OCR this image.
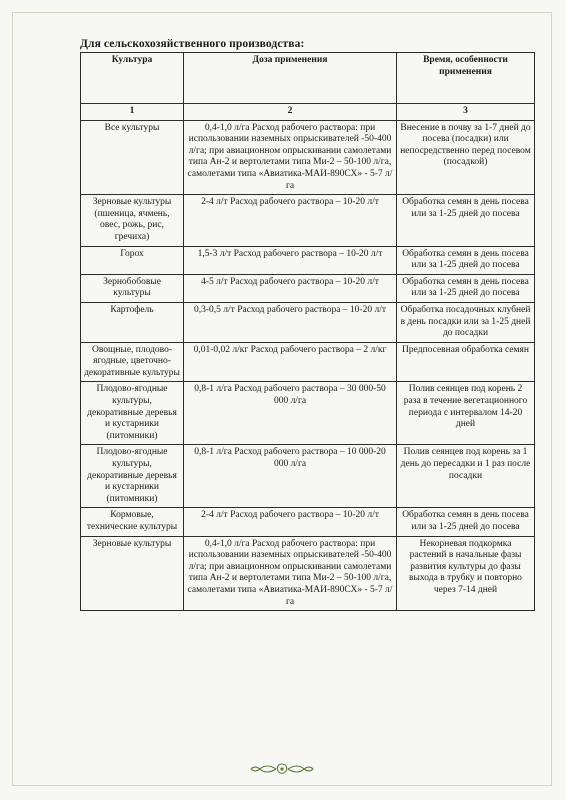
Для сельскохозяйственного производства:
Культура	Доза применения	Время, особенности применения
1	2	3
Все культуры	0,4-1,0 л/га Расход рабочего раствора: при использовании наземных опрыскивателей -50-400 л/га; при авиационном опрыскивании самолетами типа Ан-2 и вертолетами типа Ми-2 – 50-100 л/га, самолетами типа «Авиатика-МАИ-890СХ» - 5-7 л/га	Внесение в почву за 1-7 дней до посева (посадки) или непосредственно перед посевом (посадкой)
Зерновые культуры (пшеница, ячмень, овес, рожь, рис, гречиха)	2-4 л/т Расход рабочего раствора – 10-20 л/т	Обработка семян в день посева или за 1-25 дней до посева
Горох	1,5-3 л/т Расход рабочего раствора – 10-20 л/т	Обработка семян в день посева или за 1-25 дней до посева
Зернобобовые культуры	4-5 л/т Расход рабочего раствора – 10-20 л/т	Обработка семян в день посева или за 1-25 дней до посева
Картофель	0,3-0,5 л/т Расход рабочего раствора – 10-20 л/т	Обработка посадочных клубней в день посадки или за 1-25 дней до посадки
Овощные, плодово-ягодные, цветочно-декоративные культуры	0,01-0,02 л/кг Расход рабочего раствора – 2 л/кг	Предпосевная обработка семян
Плодово-ягодные культуры, декоративные деревья и кустарники (питомники)	0,8-1 л/га Расход рабочего раствора – 30 000-50 000 л/га	Полив сеянцев под корень 2 раза в течение вегетационного периода с интервалом 14-20 дней
Плодово-ягодные культуры, декоративные деревья и кустарники (питомники)	0,8-1 л/га Расход рабочего раствора – 10 000-20 000 л/га	Полив сеянцев под корень за 1 день до пересадки и 1 раз после посадки
Кормовые, технические культуры	2-4 л/т Расход рабочего раствора – 10-20 л/т	Обработка семян в день посева или за 1-25 дней до посева
Зерновые культуры	0,4-1,0 л/га Расход рабочего раствора: при использовании наземных опрыскивателей -50-400 л/га; при авиационном опрыскивании самолетами типа Ан-2 и вертолетами типа Ми-2 – 50-100 л/га, самолетами типа «Авиатика-МАИ-890СХ» - 5-7 л/га	Некорневая подкормка растений в начальные фазы развития культуры до фазы выхода в трубку и повторно через 7-14 дней
